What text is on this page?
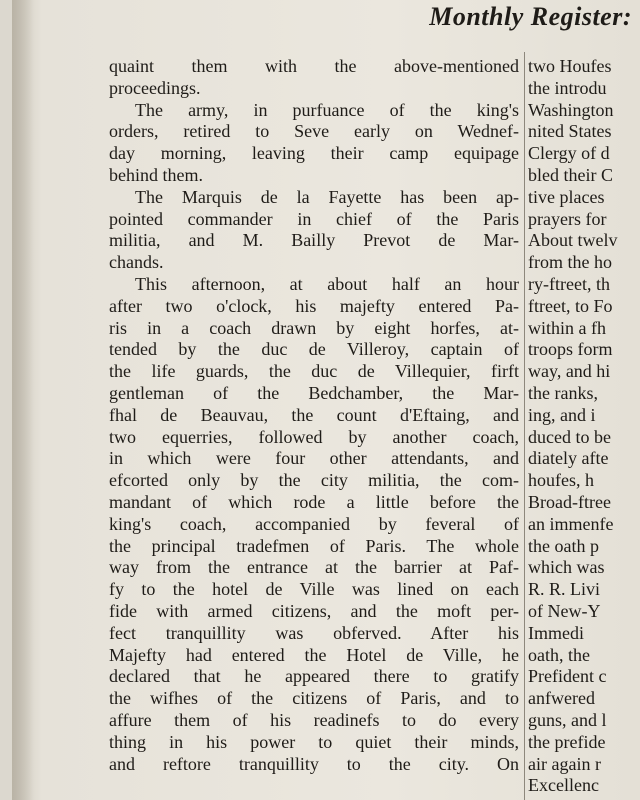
Monthly Register:
quaint them with the above-mentioned
proceedings.
The army, in purfuance of the king's
orders, retired to Seve early on Wednef-
day morning, leaving their camp equipage
behind them.
The Marquis de la Fayette has been ap-
pointed commander in chief of the Paris
militia, and M. Bailly Prevot de Mar-
chands.
This afternoon, at about half an hour
after two o'clock, his majefty entered Pa-
ris in a coach drawn by eight horfes, at-
tended by the duc de Villeroy, captain of
the life guards, the duc de Villequier, firft
gentleman of the Bedchamber, the Mar-
fhal de Beauvau, the count d'Eftaing, and
two equerries, followed by another coach,
in which were four other attendants, and
efcorted only by the city militia, the com-
mandant of which rode a little before the
king's coach, accompanied by feveral of
the principal tradefmen of Paris. The whole
way from the entrance at the barrier at Paf-
fy to the hotel de Ville was lined on each
fide with armed citizens, and the moft per-
fect tranquillity was obferved. After his
Majefty had entered the Hotel de Ville, he
declared that he appeared there to gratify
the wifhes of the citizens of Paris, and to
affure them of his readinefs to do every
thing in his power to quiet their minds,
and reftore tranquillity to the city. On
two Houfes
the introdu
Washington
nited States
Clergy of d
bled their C
tive places
prayers for
About twelv
from the ho
ry-ftreet, th
ftreet, to Fo
within a fh
troops form
way, and hi
the ranks,
ing, and i
duced to be
diately afte
houfes, h
Broad-ftree
an immenfe
the oath p
which was
R. R. Livi
of New-Y
Immedi
oath, the
Prefident c
anfwered
guns, and l
the prefide
air again r
Excellenc
